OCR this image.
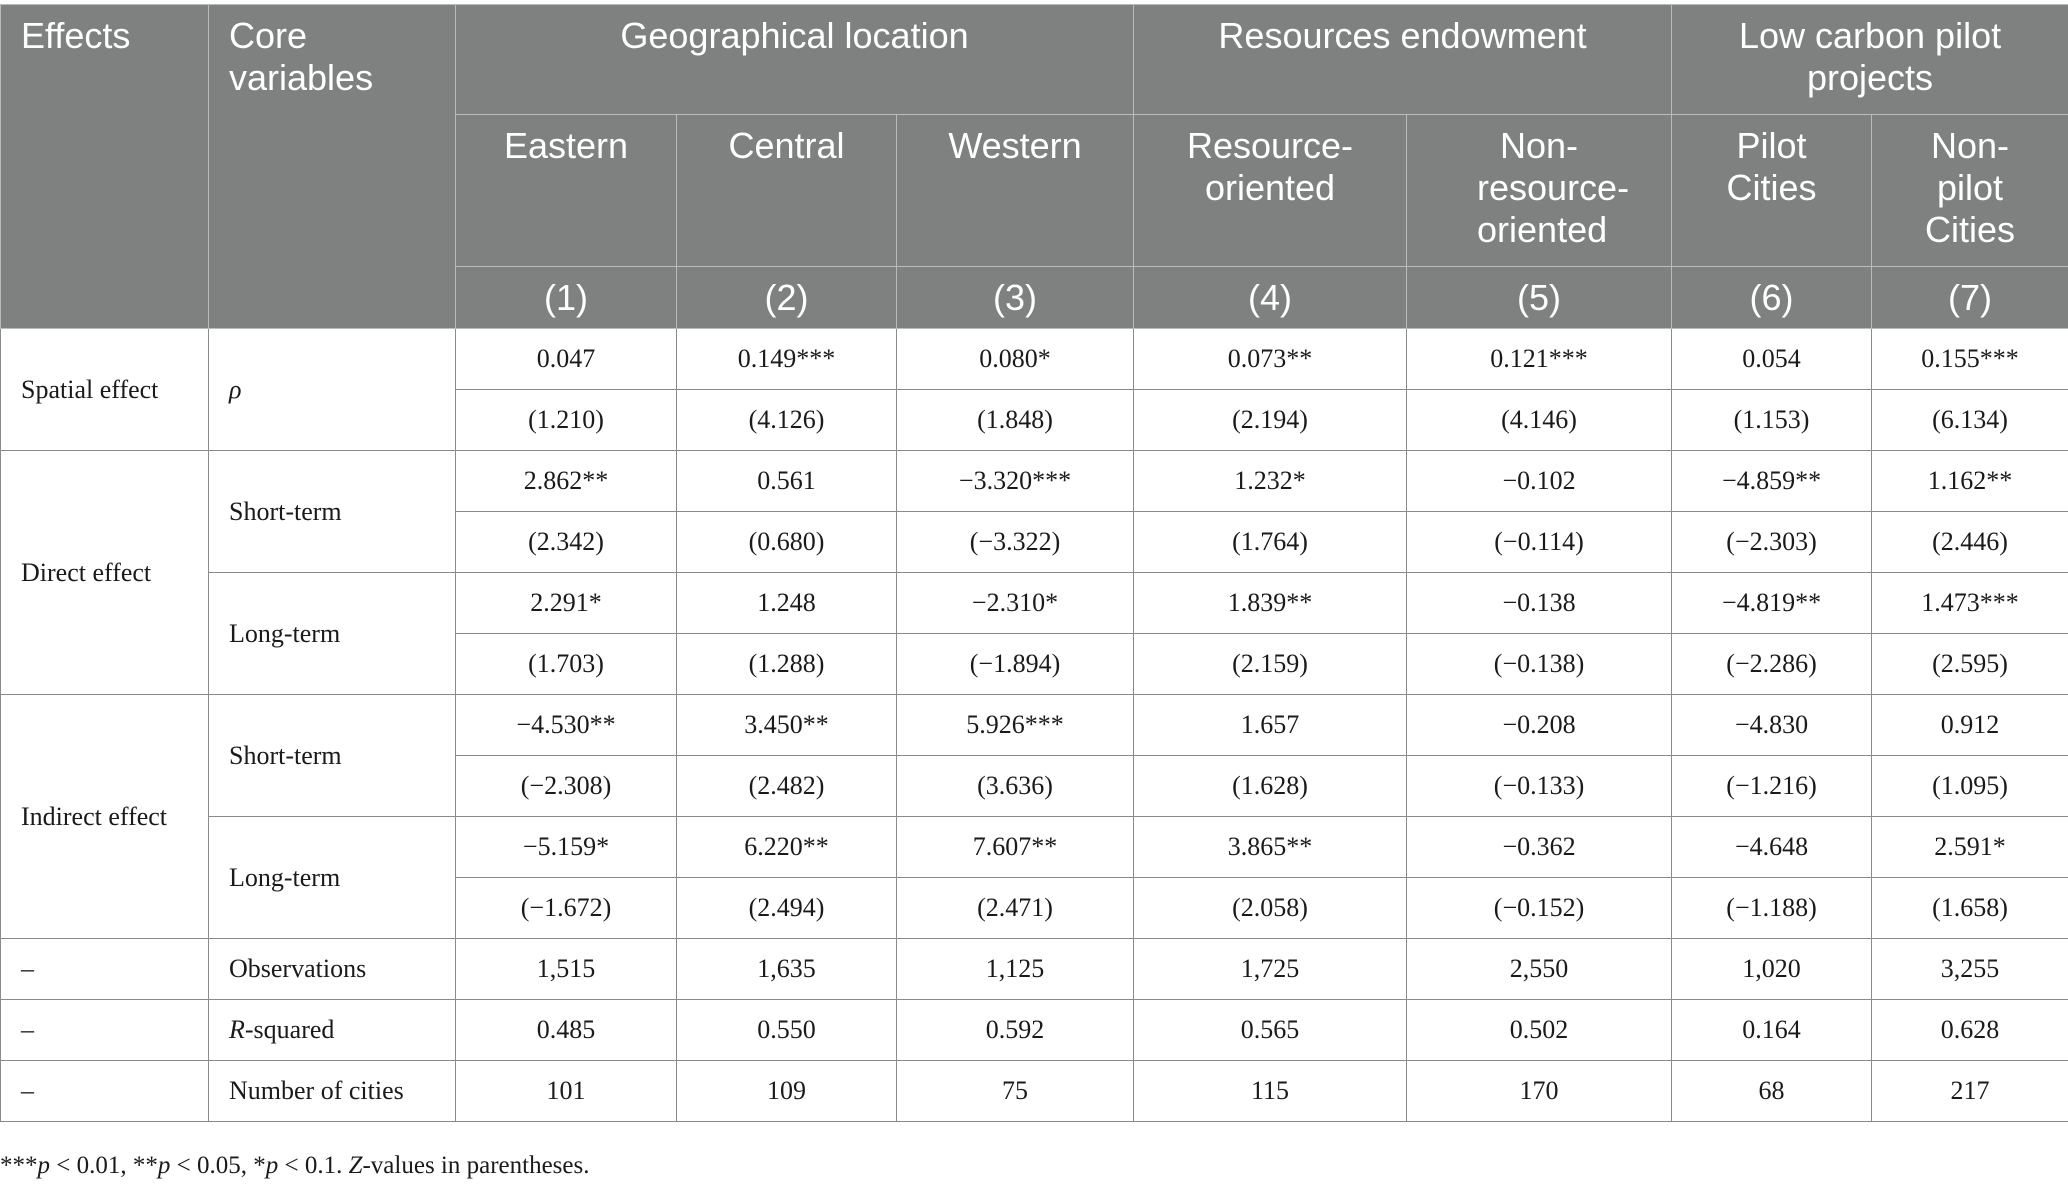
Effects	Core variables	Geographical location			Resources endowment		Low carbon pilot projects	
		Eastern	Central	Western	Resource-oriented	Non-resource-oriented	Pilot Cities	Non-pilot Cities
		(1)	(2)	(3)	(4)	(5)	(6)	(7)
Spatial effect	ρ	0.047	0.149***	0.080*	0.073**	0.121***	0.054	0.155***
		(1.210)	(4.126)	(1.848)	(2.194)	(4.146)	(1.153)	(6.134)
Direct effect	Short-term	2.862**	0.561	−3.320***	1.232*	−0.102	−4.859**	1.162**
		(2.342)	(0.680)	(−3.322)	(1.764)	(−0.114)	(−2.303)	(2.446)
	Long-term	2.291*	1.248	−2.310*	1.839**	−0.138	−4.819**	1.473***
		(1.703)	(1.288)	(−1.894)	(2.159)	(−0.138)	(−2.286)	(2.595)
Indirect effect	Short-term	−4.530**	3.450**	5.926***	1.657	−0.208	−4.830	0.912
		(−2.308)	(2.482)	(3.636)	(1.628)	(−0.133)	(−1.216)	(1.095)
	Long-term	−5.159*	6.220**	7.607**	3.865**	−0.362	−4.648	2.591*
		(−1.672)	(2.494)	(2.471)	(2.058)	(−0.152)	(−1.188)	(1.658)
–	Observations	1,515	1,635	1,125	1,725	2,550	1,020	3,255
–	R-squared	0.485	0.550	0.592	0.565	0.502	0.164	0.628
–	Number of cities	101	109	75	115	170	68	217
***p < 0.01, **p < 0.05, *p < 0.1. Z-values in parentheses.
